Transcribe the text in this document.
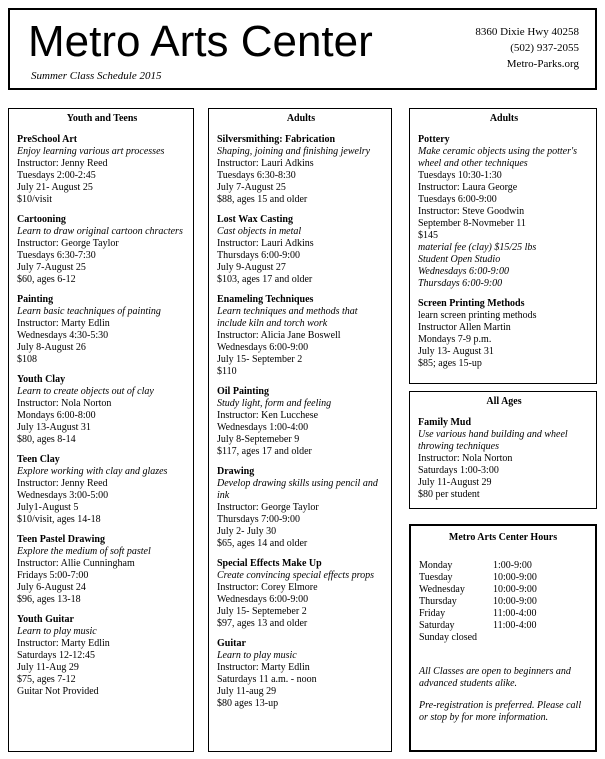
Metro Arts Center
Summer Class Schedule 2015
8360 Dixie Hwy 40258
(502) 937-2055
Metro-Parks.org
Youth and Teens
PreSchool Art
Enjoy learning various art processes
Instructor: Jenny Reed
Tuesdays 2:00-2:45
July 21- August 25
$10/visit
Cartooning
Learn to draw original cartoon chracters
Instructor: George Taylor
Tuesdays 6:30-7:30
July 7-August 25
$60, ages 6-12
Painting
Learn basic teachniques of painting
Instructor: Marty Edlin
Wednesdays 4:30-5:30
July 8-August 26
$108
Youth Clay
Learn to create objects out of clay
Instructor: Nola Norton
Mondays 6:00-8:00
July 13-August 31
$80, ages 8-14
Teen Clay
Explore working with clay and glazes
Instructor: Jenny Reed
Wednesdays 3:00-5:00
July1-August 5
$10/visit, ages 14-18
Teen Pastel Drawing
Explore the medium of soft pastel
Instructor: Allie Cunningham
Fridays 5:00-7:00
July 6-August 24
$96, ages 13-18
Youth Guitar
Learn to play music
Instructor: Marty Edlin
Saturdays 12-12:45
July 11-Aug 29
$75, ages 7-12
Guitar Not Provided
Adults
Silversmithing: Fabrication
Shaping, joining and finishing jewelry
Instructor: Lauri Adkins
Tuesdays 6:30-8:30
July 7-August 25
$88, ages 15 and older
Lost Wax Casting
Cast objects in metal
Instructor: Lauri Adkins
Thursdays 6:00-9:00
July 9-August 27
$103, ages 17 and older
Enameling Techniques
Learn techniques and methods that include kiln and torch work
Instructor: Alicia Jane Boswell
Wednesdays 6:00-9:00
July 15- September 2
$110
Oil Painting
Study light, form and feeling
Instructor: Ken Lucchese
Wednesdays 1:00-4:00
July 8-Septemeber 9
$117, ages 17 and older
Drawing
Develop drawing skills using pencil and ink
Instructor: George Taylor
Thursdays 7:00-9:00
July 2- July 30
$65, ages 14 and older
Special Effects Make Up
Create convincing special effects props
Instructor: Corey Elmore
Wednesdays 6:00-9:00
July 15- Septemeber 2
$97, ages 13 and older
Guitar
Learn to play music
Instructor: Marty Edlin
Saturdays 11 a.m. - noon
July 11-aug 29
$80 ages 13-up
Adults
Pottery
Make ceramic objects using the potter's wheel and other techniques
Tuesdays 10:30-1:30
Instructor: Laura George
Tuesdays 6:00-9:00
Instructor: Steve Goodwin
September 8-Novmeber 11
$145
material fee (clay) $15/25 lbs
Student Open Studio
Wednesdays 6:00-9:00
Thursdays 6:00-9:00
Screen Printing Methods
learn screen printing methods
Instructor Allen Martin
Mondays 7-9 p.m.
July 13- August 31
$85; ages 15-up
All Ages
Family Mud
Use various hand building and wheel throwing techniques
Instructor: Nola Norton
Saturdays 1:00-3:00
July 11-August 29
$80 per student
Metro Arts Center Hours
Monday	1:00-9:00
Tuesday	10:00-9:00
Wednesday	10:00-9:00
Thursday	10:00-9:00
Friday	11:00-4:00
Saturday	11:00-4:00
Sunday closed
All Classes are open to beginners and advanced students alike.
Pre-registration is preferred. Please call or stop by for more information.
